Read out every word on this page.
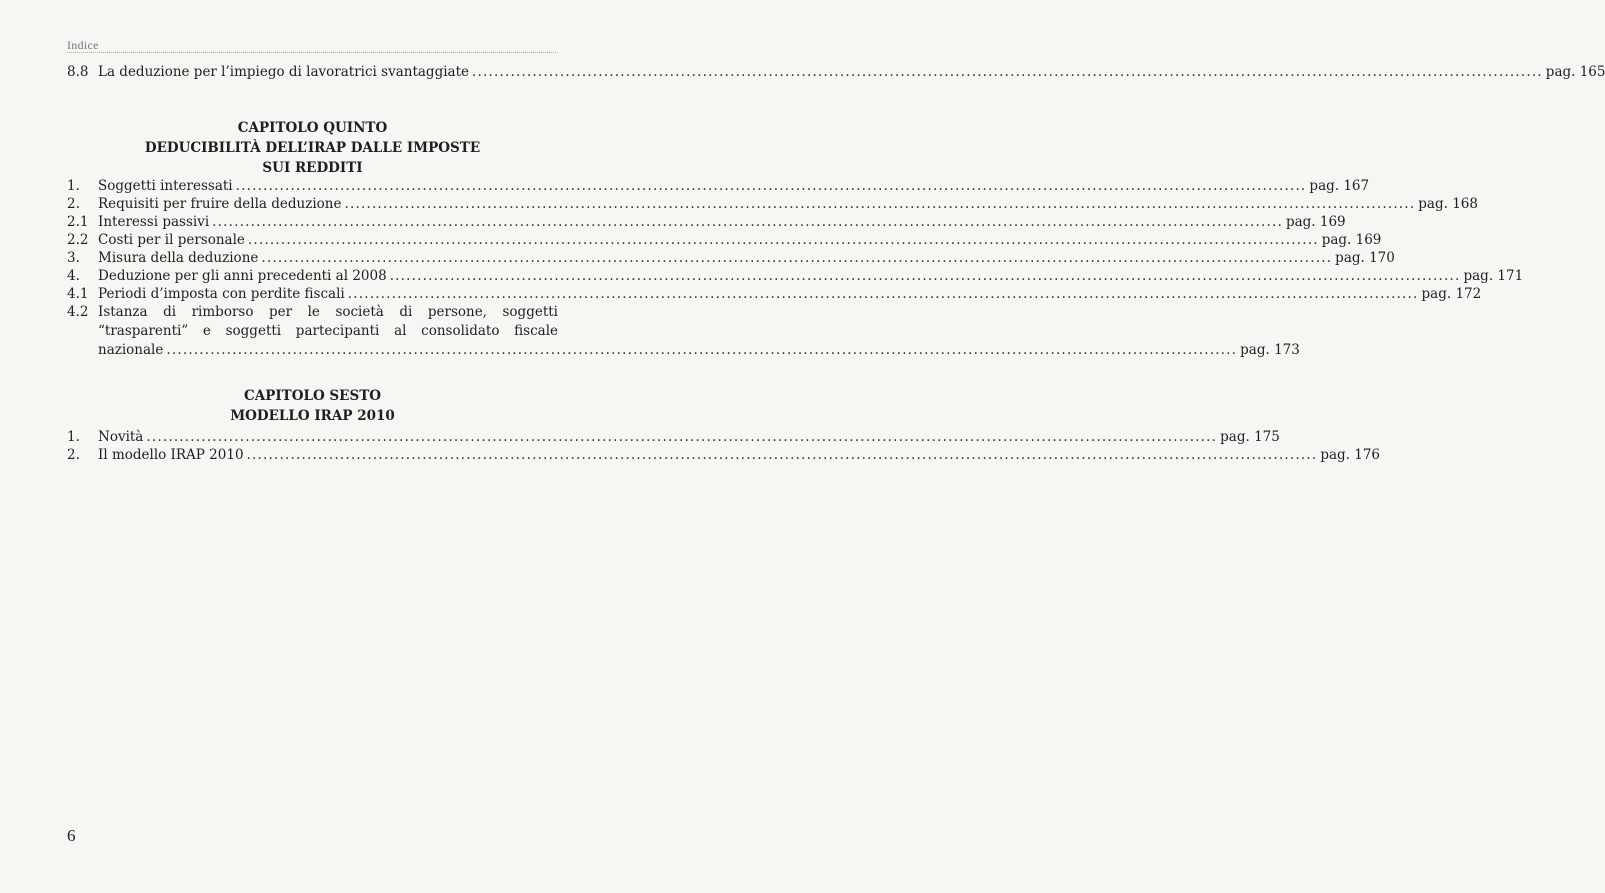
Indice
8.8 La deduzione per l’impiego di lavoratrici svantaggiate ................................................................................................................................................................................................... pag. 165
CAPITOLO QUINTO
DEDUCIBILITÀ DELL’IRAP DALLE IMPOSTE
SUI REDDITI
1.	Soggetti interessati ................................................................................................................................................................................................... pag. 167
2.	Requisiti per fruire della deduzione ................................................................................................................................................................................................... pag. 168
2.1 Interessi passivi ................................................................................................................................................................................................... pag. 169
2.2 Costi per il personale ................................................................................................................................................................................................... pag. 169
3.	Misura della deduzione ................................................................................................................................................................................................... pag. 170
4.	Deduzione per gli anni precedenti al 2008 ................................................................................................................................................................................................... pag. 171
4.1 Periodi d’imposta con perdite fiscali ................................................................................................................................................................................................... pag. 172
4.2 Istanza di rimborso per le società di persone, soggetti
“trasparenti” e soggetti partecipanti al consolidato fiscale
nazionale ................................................................................................................................................................................................... pag. 173
CAPITOLO SESTO
MODELLO IRAP 2010
1.	Novità ................................................................................................................................................................................................... pag. 175
2.	Il modello IRAP 2010 ................................................................................................................................................................................................... pag. 176
6
